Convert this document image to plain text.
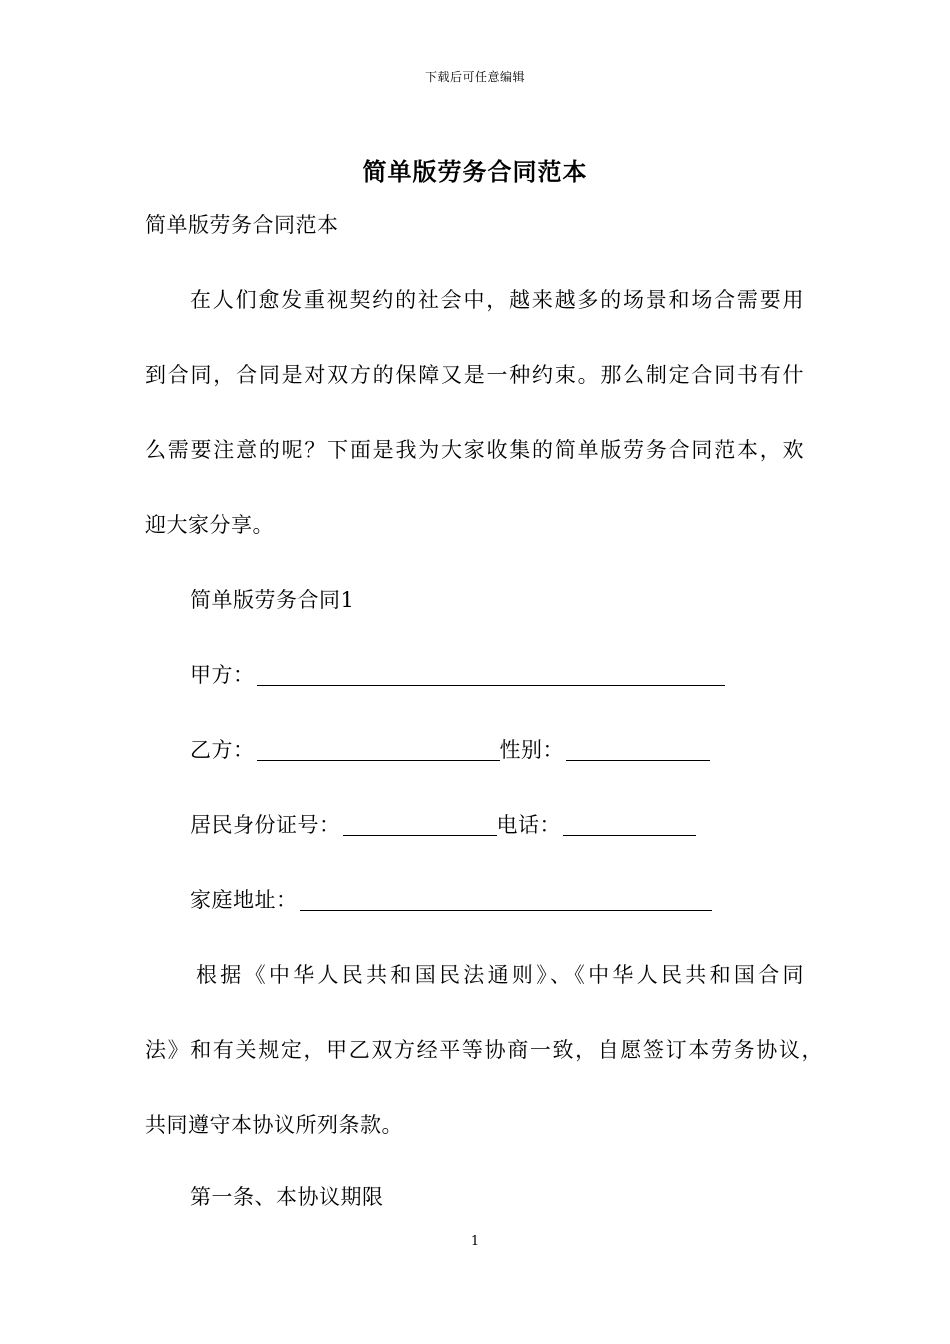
下载后可任意编辑
简单版劳务合同范本
简单版劳务合同范本
在人们愈发重视契约的社会中，越来越多的场景和场合需要用
到合同，合同是对双方的保障又是一种约束。那么制定合同书有什
么需要注意的呢？下面是我为大家收集的简单版劳务合同范本，欢
迎大家分享。
简单版劳务合同1
甲方：
乙方：	性别：
居民身份证号：	电话：
家庭地址：
根据《中华人民共和国民法通则》、《中华人民共和国合同
法》和有关规定，甲乙双方经平等协商一致，自愿签订本劳务协议，
共同遵守本协议所列条款。
第一条、本协议期限
1
